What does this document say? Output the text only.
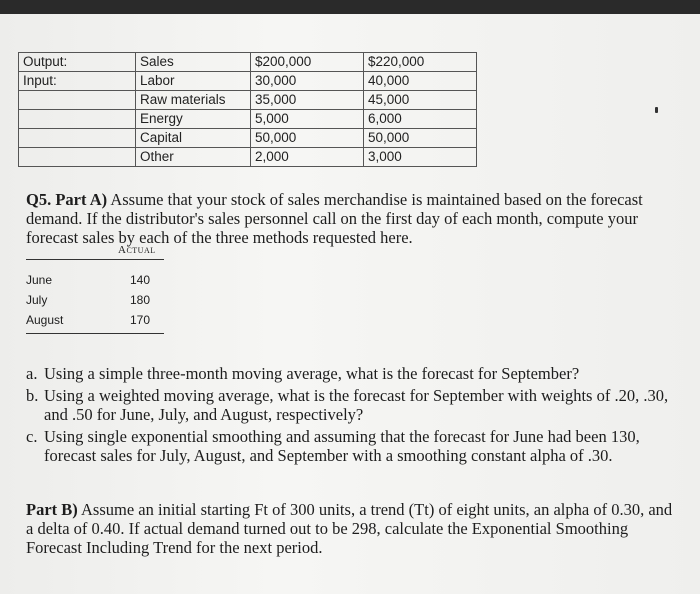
Output:	Sales	$200,000	$220,000
Input:	Labor	30,000	40,000
	Raw materials	35,000	45,000
	Energy	5,000	6,000
	Capital	50,000	50,000
	Other	2,000	3,000
Q5. Part A) Assume that your stock of sales merchandise is maintained based on the forecast demand. If the distributor's sales personnel call on the first day of each month, compute your forecast sales by each of the three methods requested here.
Actual
June	140
July	180
August	170
a. Using a simple three-month moving average, what is the forecast for September?
b. Using a weighted moving average, what is the forecast for September with weights of .20, .30, and .50 for June, July, and August, respectively?
c. Using single exponential smoothing and assuming that the forecast for June had been 130, forecast sales for July, August, and September with a smoothing constant alpha of .30.
Part B) Assume an initial starting Ft of 300 units, a trend (Tt) of eight units, an alpha of 0.30, and a delta of 0.40. If actual demand turned out to be 298, calculate the Exponential Smoothing Forecast Including Trend for the next period.
